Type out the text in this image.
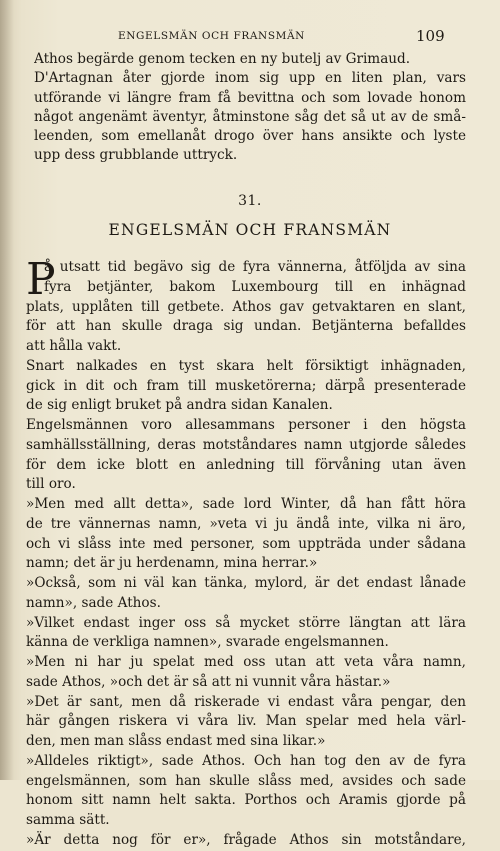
ENGELSMÄN OCH FRANSMÄN	109
Athos begärde genom tecken en ny butelj av Grimaud.
D'Artagnan åter gjorde inom sig upp en liten plan, vars
utförande vi längre fram få bevittna och som lovade honom
något angenämt äventyr, åtminstone såg det så ut av de små-
leenden, som emellanåt drogo över hans ansikte och lyste
upp dess grubblande uttryck.
31.
ENGELSMÄN OCH FRANSMÄN
P
å utsatt tid begävo sig de fyra vännerna, åtföljda av sina
fyra betjänter, bakom Luxembourg till en inhägnad
plats, upplåten till getbete. Athos gav getvaktaren en slant,
för att han skulle draga sig undan. Betjänterna befalldes
att hålla vakt.
Snart nalkades en tyst skara helt försiktigt inhägnaden,
gick in dit och fram till musketörerna; därpå presenterade
de sig enligt bruket på andra sidan Kanalen.
Engelsmännen voro allesammans personer i den högsta
samhällsställning, deras motståndares namn utgjorde således
för dem icke blott en anledning till förvåning utan även
till oro.
»Men med allt detta», sade lord Winter, då han fått höra
de tre vännernas namn, »veta vi ju ändå inte, vilka ni äro,
och vi slåss inte med personer, som uppträda under sådana
namn; det är ju herdenamn, mina herrar.»
»Också, som ni väl kan tänka, mylord, är det endast lånade
namn», sade Athos.
»Vilket endast inger oss så mycket större längtan att lära
känna de verkliga namnen», svarade engelsmannen.
»Men ni har ju spelat med oss utan att veta våra namn,
sade Athos, »och det är så att ni vunnit våra hästar.»
»Det är sant, men då riskerade vi endast våra pengar, den
här gången riskera vi våra liv. Man spelar med hela värl-
den, men man slåss endast med sina likar.»
»Alldeles riktigt», sade Athos. Och han tog den av de fyra
engelsmännen, som han skulle slåss med, avsides och sade
honom sitt namn helt sakta. Porthos och Aramis gjorde på
samma sätt.
»Är detta nog för er», frågade Athos sin motståndare,
